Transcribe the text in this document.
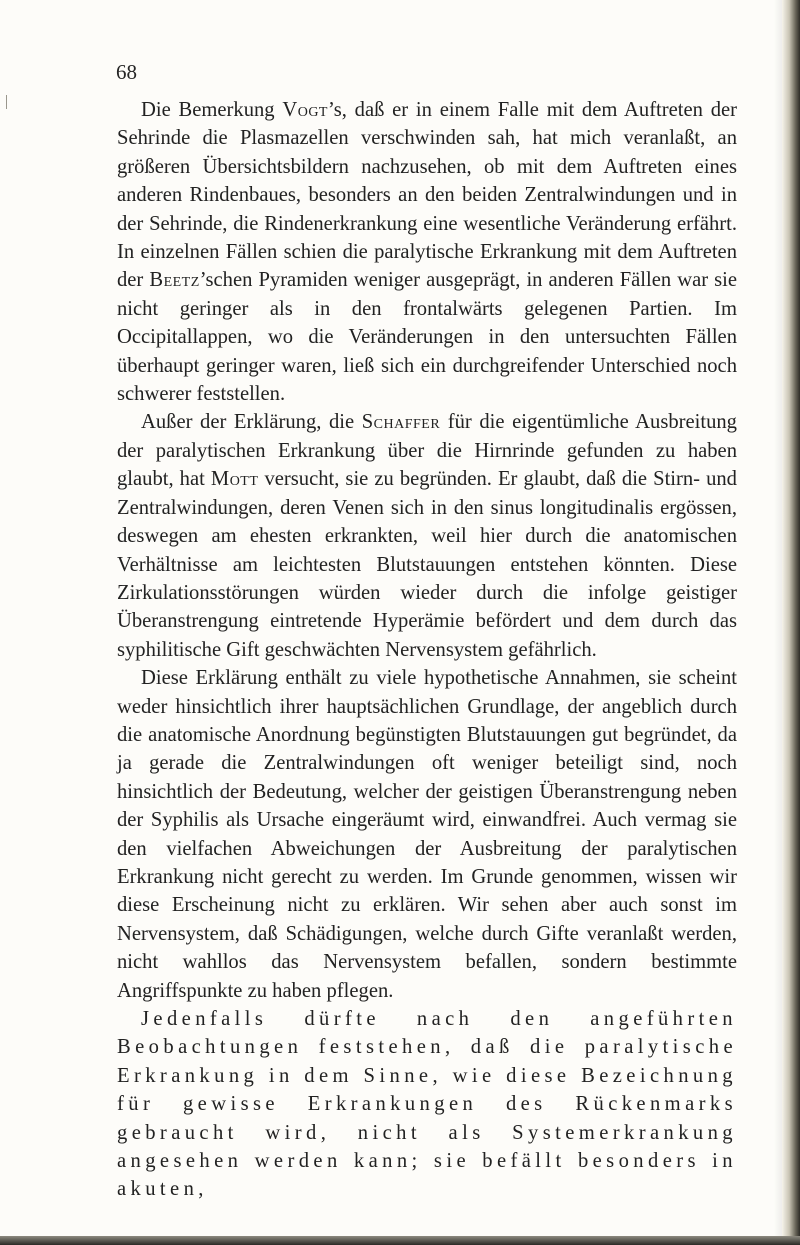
68

Die Bemerkung Vogt’s, daß er in einem Falle mit dem Auftreten der Sehrinde die Plasmazellen verschwinden sah, hat mich veranlaßt, an größeren Übersichtsbildern nachzusehen, ob mit dem Auftreten eines anderen Rindenbaues, besonders an den beiden Zentralwindungen und in der Sehrinde, die Rindenerkrankung eine wesentliche Veränderung erfährt. In einzelnen Fällen schien die paralytische Erkrankung mit dem Auftreten der Beetz’schen Pyramiden weniger ausgeprägt, in anderen Fällen war sie nicht geringer als in den frontalwärts gelegenen Partien. Im Occipitallappen, wo die Veränderungen in den untersuchten Fällen überhaupt geringer waren, ließ sich ein durchgreifender Unterschied noch schwerer feststellen.

Außer der Erklärung, die Schaffer für die eigentümliche Ausbreitung der paralytischen Erkrankung über die Hirnrinde gefunden zu haben glaubt, hat Mott versucht, sie zu begründen. Er glaubt, daß die Stirn- und Zentralwindungen, deren Venen sich in den sinus longitudinalis ergössen, deswegen am ehesten erkrankten, weil hier durch die anatomischen Verhältnisse am leichtesten Blutstauungen entstehen könnten. Diese Zirkulationsstörungen würden wieder durch die infolge geistiger Überanstrengung eintretende Hyperämie befördert und dem durch das syphilitische Gift geschwächten Nervensystem gefährlich.

Diese Erklärung enthält zu viele hypothetische Annahmen, sie scheint weder hinsichtlich ihrer hauptsächlichen Grundlage, der angeblich durch die anatomische Anordnung begünstigten Blutstauungen gut begründet, da ja gerade die Zentralwindungen oft weniger beteiligt sind, noch hinsichtlich der Bedeutung, welcher der geistigen Überanstrengung neben der Syphilis als Ursache eingeräumt wird, einwandfrei. Auch vermag sie den vielfachen Abweichungen der Ausbreitung der paralytischen Erkrankung nicht gerecht zu werden. Im Grunde genommen, wissen wir diese Erscheinung nicht zu erklären. Wir sehen aber auch sonst im Nervensystem, daß Schädigungen, welche durch Gifte veranlaßt werden, nicht wahllos das Nervensystem befallen, sondern bestimmte Angriffspunkte zu haben pflegen.

Jedenfalls dürfte nach den angeführten Beobachtungen feststehen, daß die paralytische Erkrankung in dem Sinne, wie diese Bezeichnung für gewisse Erkrankungen des Rückenmarks gebraucht wird, nicht als Systemerkrankung angesehen werden kann; sie befällt besonders in akuten,
